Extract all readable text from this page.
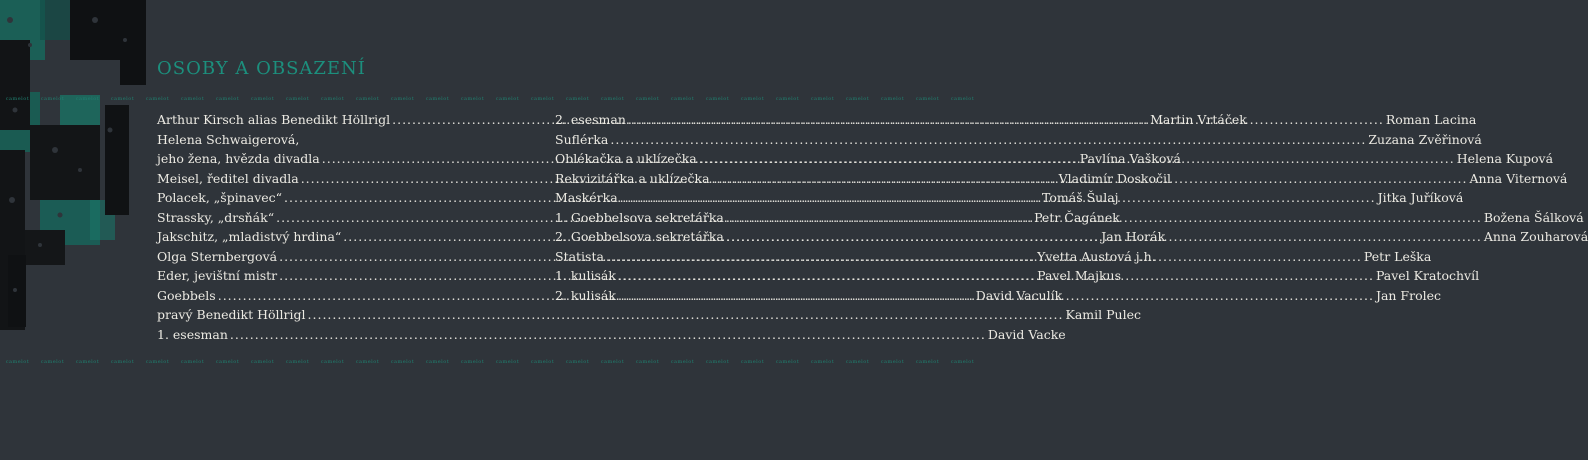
camelot	camelot	camelot	camelot	camelot	camelot	camelot	camelot	camelot	camelot	camelot	camelot	camelot	camelot	camelot	camelot	camelot	camelot	camelot	camelot	camelot	camelot	camelot	camelot	camelot	camelot	camelot	camelot
camelot	camelot	camelot	camelot	camelot	camelot	camelot	camelot	camelot	camelot	camelot	camelot	camelot	camelot	camelot	camelot	camelot	camelot	camelot	camelot	camelot	camelot	camelot	camelot	camelot	camelot	camelot	camelot
OSOBY A OBSAZENÍ
Arthur Kirsch alias Benedikt Höllrigl .....	Martin Vrtáček
Helena Schwaigerová,
jeho žena, hvězda divadla .....	Pavlína Vašková
Meisel, ředitel divadla .....	Vladimír Doskočil
Polacek, „špinavec“ .....	Tomáš Šulaj
Strassky, „drsňák“ .....	Petr Čagánek
Jakschitz, „mladistvý hrdina“ .....	Jan Horák
Olga Sternbergová .....	Yvetta Austová j.h.
Eder, jevištní mistr .....	Pavel Majkus
Goebbels .....	David Vaculík
pravý Benedikt Höllrigl .....	Kamil Pulec
1. esesman .....	David Vacke
2. esesman .....	Roman Lacina
Suflérka .....	Zuzana Zvěřinová
Oblékačka a uklízečka .....	Helena Kupová
Rekvizitářka a uklízečka .....	Anna Viternová
Maskérka .....	Jitka Juříková
1. Goebbelsova sekretářka .....	Božena Šálková
2. Goebbelsova sekretářka .....	Anna Zouharová
Statista .....	Petr Leška
1. kulisák .....	Pavel Kratochvíl
2. kulisák .....	Jan Frolec
